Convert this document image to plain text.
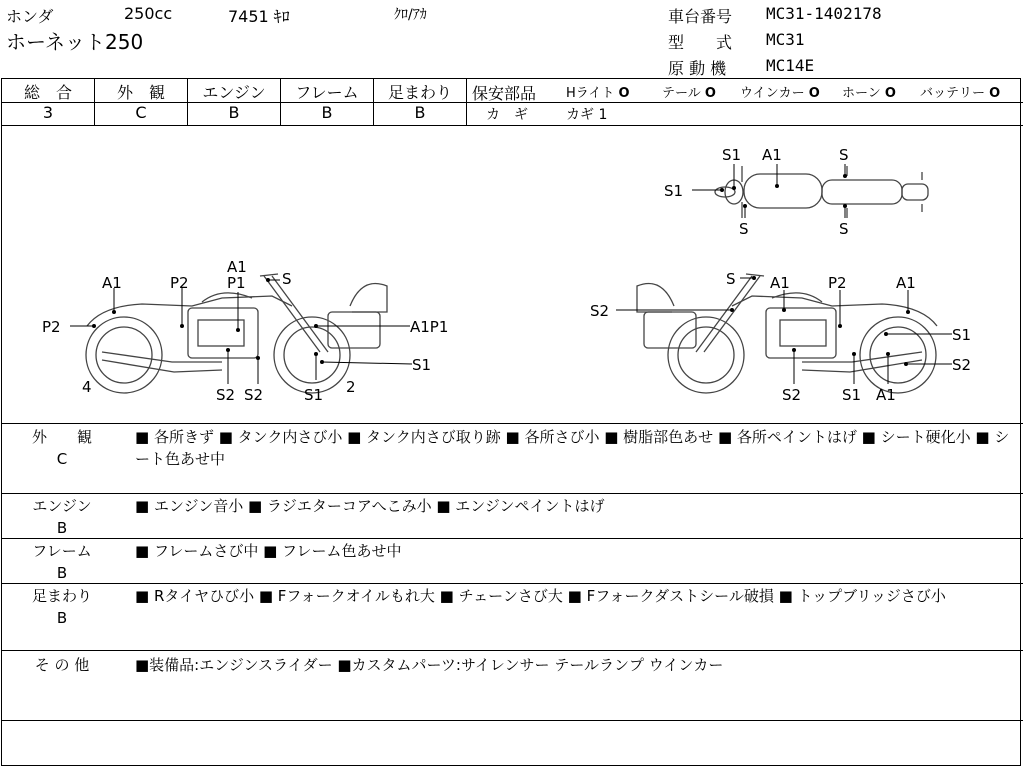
ホンダ	250cc	7451 ｷﾛ	ｸﾛ/ｱｶ
ホーネット250
車台番号 MC31-1402178
型　　式 MC31
原 動 機 MC14E
総　合
3
外　観
C
エンジン
B
フレーム
B
足まわり
B
保安部品 Hライト O テール O ウインカー O ホーン O バッテリー O
カ　ギ	カギ 1
S1 A1	S
S1
S	S
A1
P1
A1	S
P2
P2	A1P1
S1
S2 S2	S1
4	2
S A1	P2	A1
S2
S1
S2
S2	S1 A1
外　　観
C
■ 各所きず ■ タンク内さび小 ■ タンク内さび取り跡 ■ 各所さび小 ■ 樹脂部色あせ ■ 各所ペイントはげ ■ シート硬化小 ■ シート色あせ中
エンジン
B
■ エンジン音小 ■ ラジエターコアへこみ小 ■ エンジンペイントはげ
フレーム
B
■ フレームさび中 ■ フレーム色あせ中
足まわり
B
■ Rタイヤひび小 ■ Fフォークオイルもれ大 ■ チェーンさび大 ■ Fフォークダストシール破損 ■ トップブリッジさび小
そ の 他	■装備品:エンジンスライダー ■カスタムパーツ:サイレンサー テールランプ ウインカー
